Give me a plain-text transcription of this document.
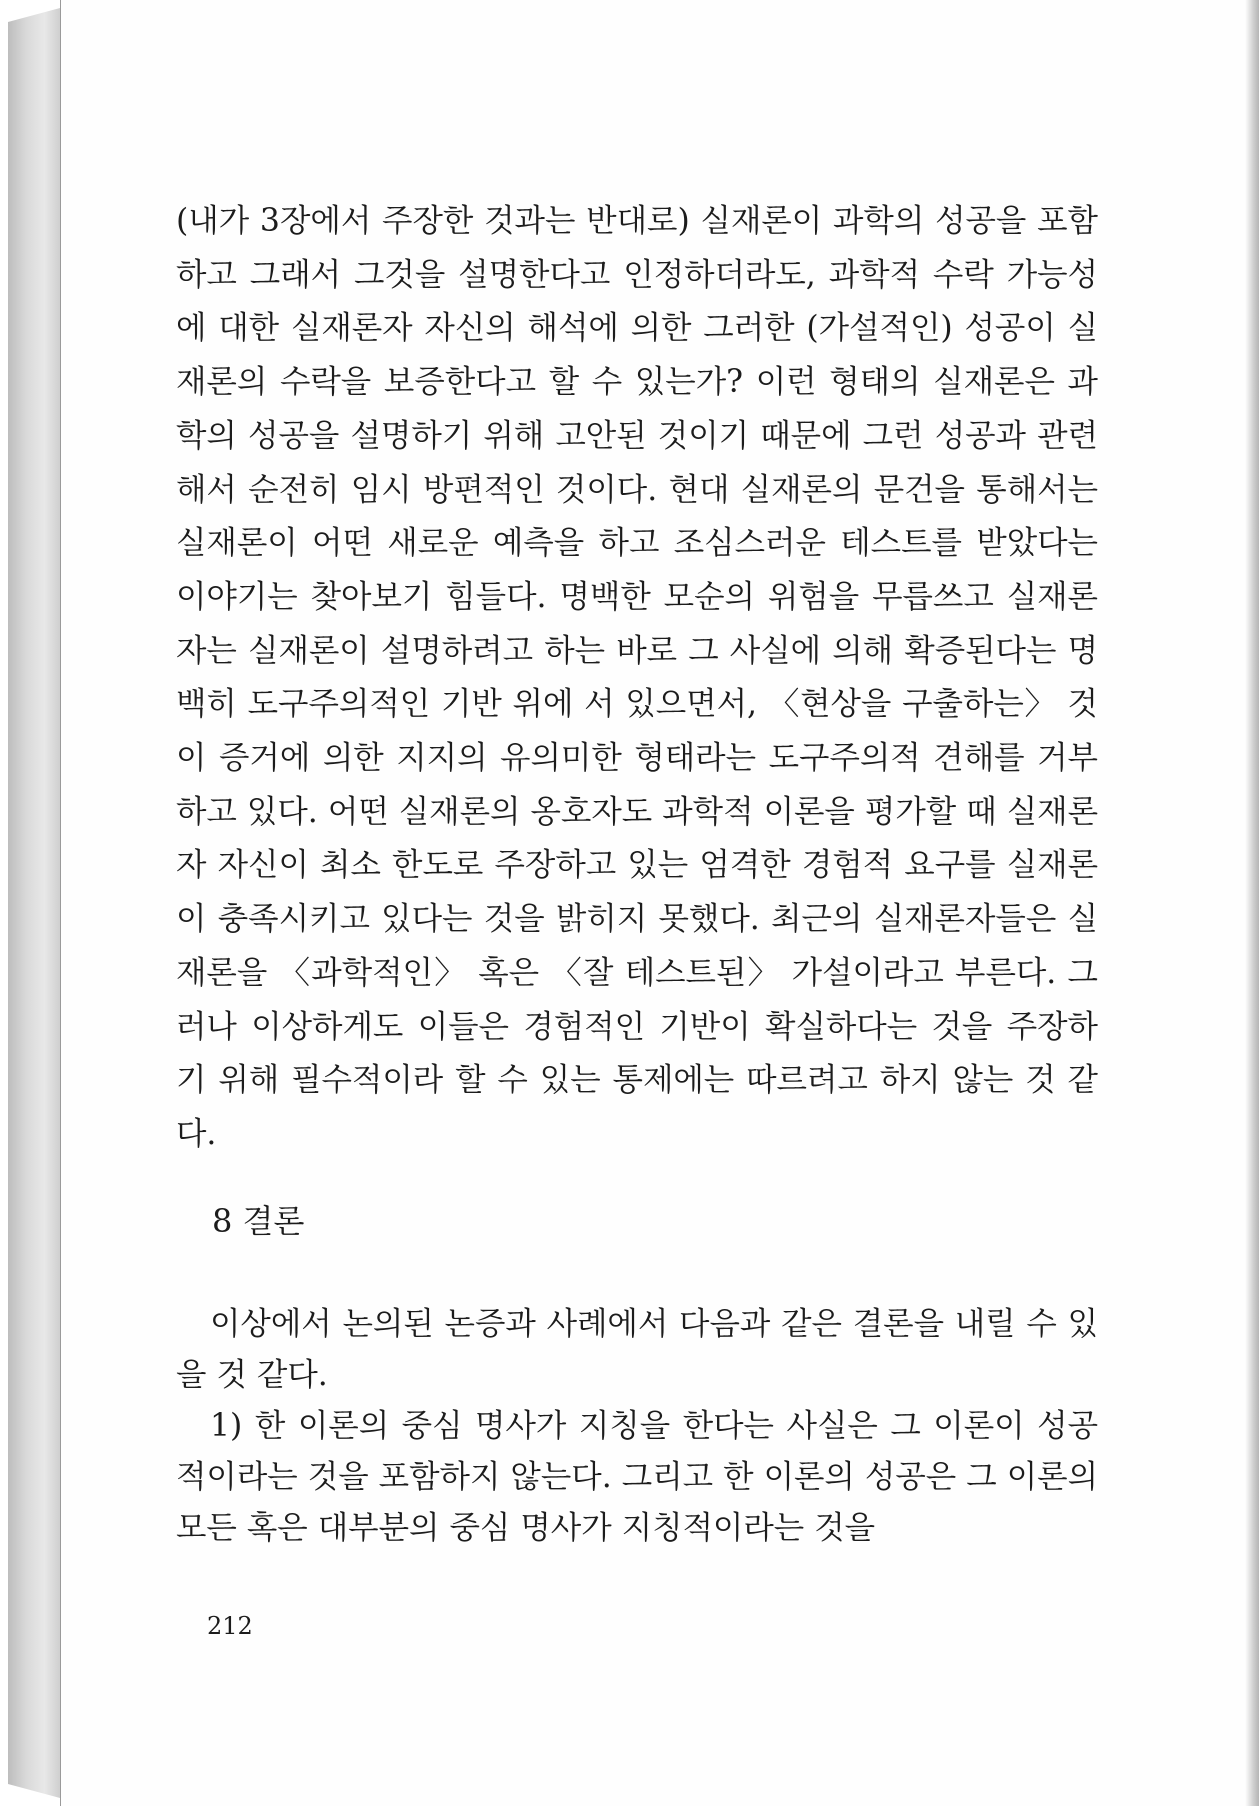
(내가 3장에서 주장한 것과는 반대로) 실재론이 과학의 성공을 포함하고 그래서 그것을 설명한다고 인정하더라도, 과학적 수락 가능성에 대한 실재론자 자신의 해석에 의한 그러한 (가설적인) 성공이 실재론의 수락을 보증한다고 할 수 있는가? 이런 형태의 실재론은 과학의 성공을 설명하기 위해 고안된 것이기 때문에 그런 성공과 관련해서 순전히 임시 방편적인 것이다. 현대 실재론의 문건을 통해서는 실재론이 어떤 새로운 예측을 하고 조심스러운 테스트를 받았다는 이야기는 찾아보기 힘들다. 명백한 모순의 위험을 무릅쓰고 실재론자는 실재론이 설명하려고 하는 바로 그 사실에 의해 확증된다는 명백히 도구주의적인 기반 위에 서 있으면서, 〈현상을 구출하는〉 것이 증거에 의한 지지의 유의미한 형태라는 도구주의적 견해를 거부하고 있다. 어떤 실재론의 옹호자도 과학적 이론을 평가할 때 실재론자 자신이 최소 한도로 주장하고 있는 엄격한 경험적 요구를 실재론이 충족시키고 있다는 것을 밝히지 못했다. 최근의 실재론자들은 실재론을 〈과학적인〉 혹은 〈잘 테스트된〉 가설이라고 부른다. 그러나 이상하게도 이들은 경험적인 기반이 확실하다는 것을 주장하기 위해 필수적이라 할 수 있는 통제에는 따르려고 하지 않는 것 같다.
8 결론

이상에서 논의된 논증과 사례에서 다음과 같은 결론을 내릴 수 있을 것 같다.

1) 한 이론의 중심 명사가 지칭을 한다는 사실은 그 이론이 성공적이라는 것을 포함하지 않는다. 그리고 한 이론의 성공은 그 이론의 모든 혹은 대부분의 중심 명사가 지칭적이라는 것을

212
